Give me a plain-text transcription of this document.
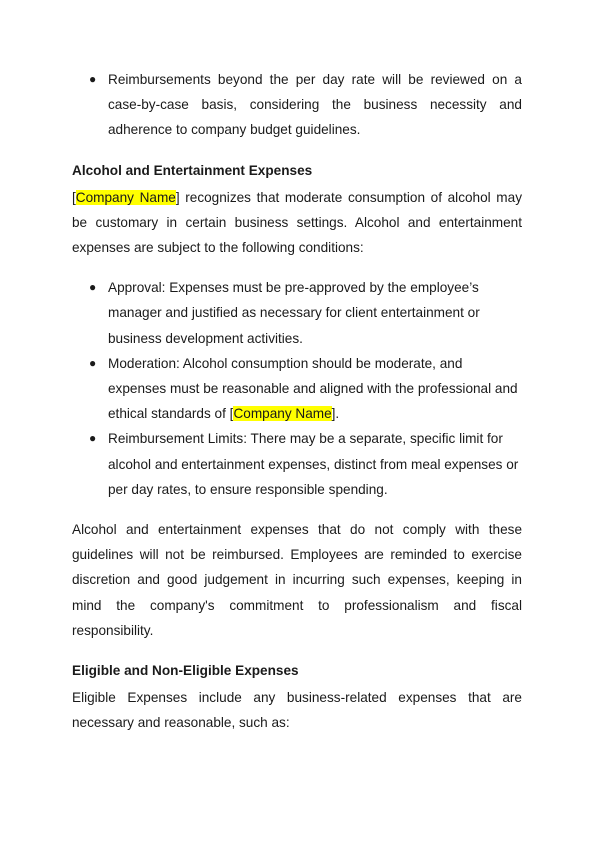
● Reimbursements beyond the per day rate will be reviewed on a case-by-case basis, considering the business necessity and adherence to company budget guidelines.
Alcohol and Entertainment Expenses

[Company Name] recognizes that moderate consumption of alcohol may be customary in certain business settings. Alcohol and entertainment expenses are subject to the following conditions:

● Approval: Expenses must be pre-approved by the employee’s manager and justified as necessary for client entertainment or business development activities.
● Moderation: Alcohol consumption should be moderate, and expenses must be reasonable and aligned with the professional and ethical standards of [Company Name].
● Reimbursement Limits: There may be a separate, specific limit for alcohol and entertainment expenses, distinct from meal expenses or per day rates, to ensure responsible spending.

Alcohol and entertainment expenses that do not comply with these guidelines will not be reimbursed. Employees are reminded to exercise discretion and good judgement in incurring such expenses, keeping in mind the company's commitment to professionalism and fiscal responsibility.

Eligible and Non-Eligible Expenses

Eligible Expenses include any business-related expenses that are necessary and reasonable, such as:
